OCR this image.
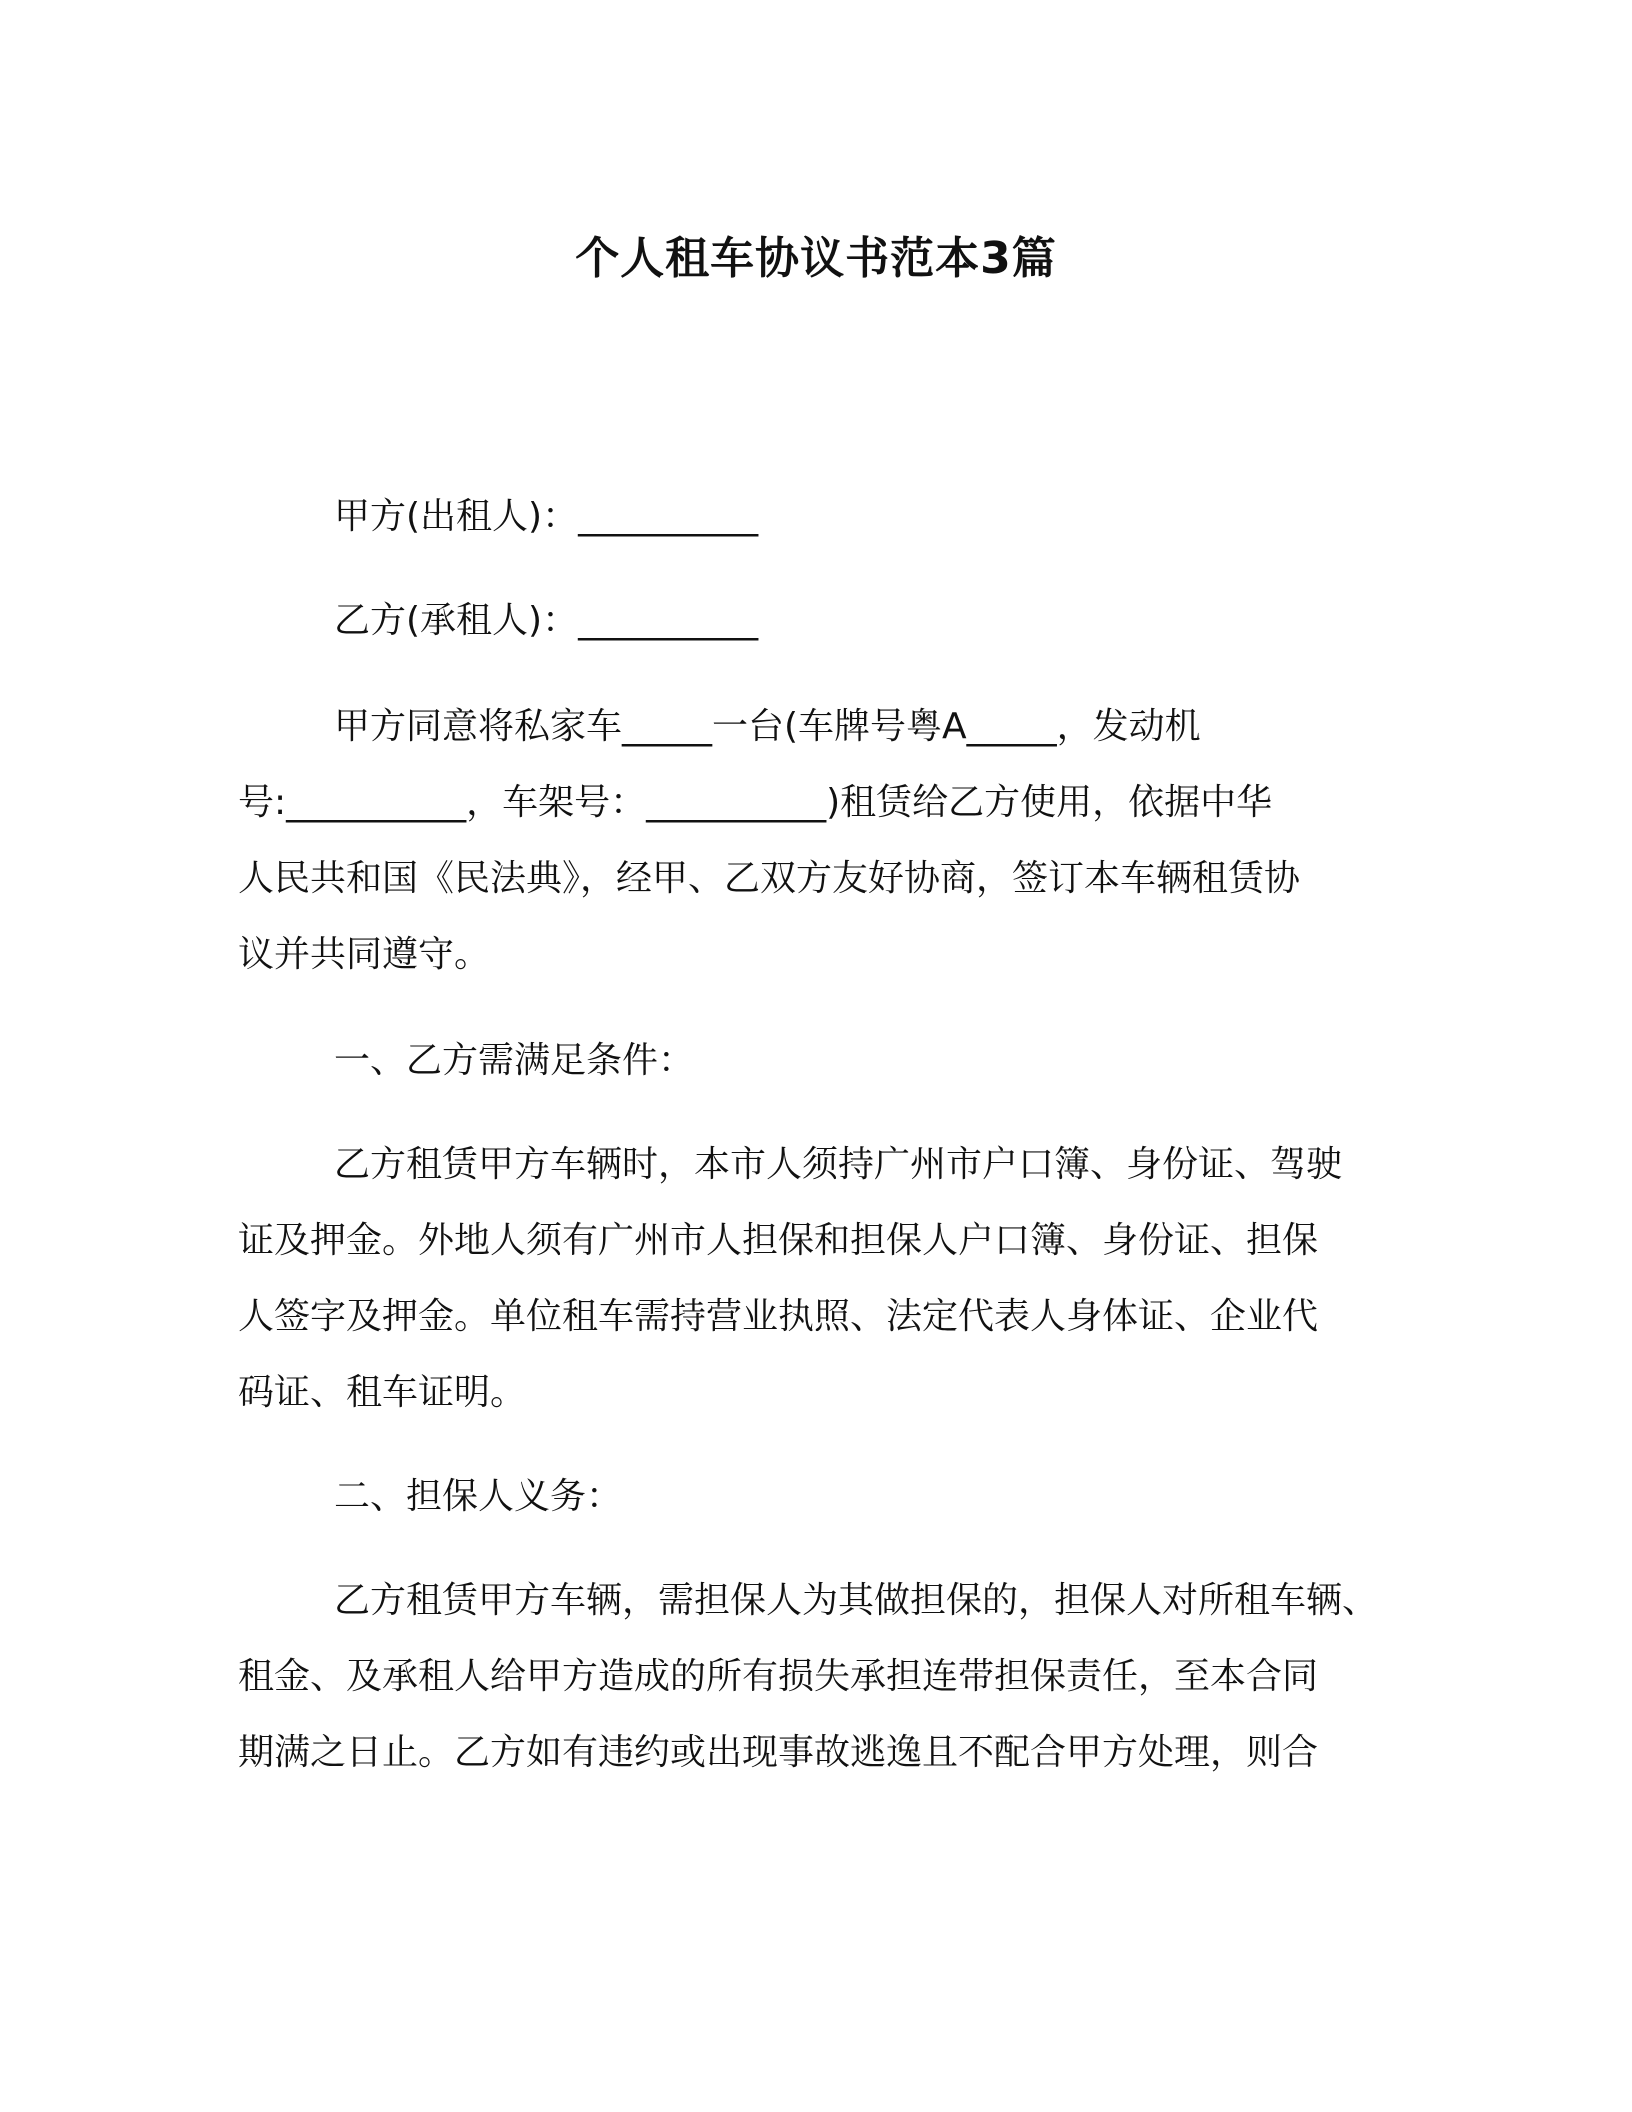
个人租车协议书范本3篇

甲方(出租人)：__________

乙方(承租人)：__________

甲方同意将私家车_____一台(车牌号粤A_____，发动机

号:__________，车架号：__________)租赁给乙方使用，依据中华

人民共和国《民法典》，经甲、乙双方友好协商，签订本车辆租赁协

议并共同遵守。

一、乙方需满足条件：

乙方租赁甲方车辆时，本市人须持广州市户口簿、身份证、驾驶

证及押金。外地人须有广州市人担保和担保人户口簿、身份证、担保

人签字及押金。单位租车需持营业执照、法定代表人身体证、企业代

码证、租车证明。

二、担保人义务：

乙方租赁甲方车辆，需担保人为其做担保的，担保人对所租车辆、

租金、及承租人给甲方造成的所有损失承担连带担保责任，至本合同

期满之日止。乙方如有违约或出现事故逃逸且不配合甲方处理，则合
